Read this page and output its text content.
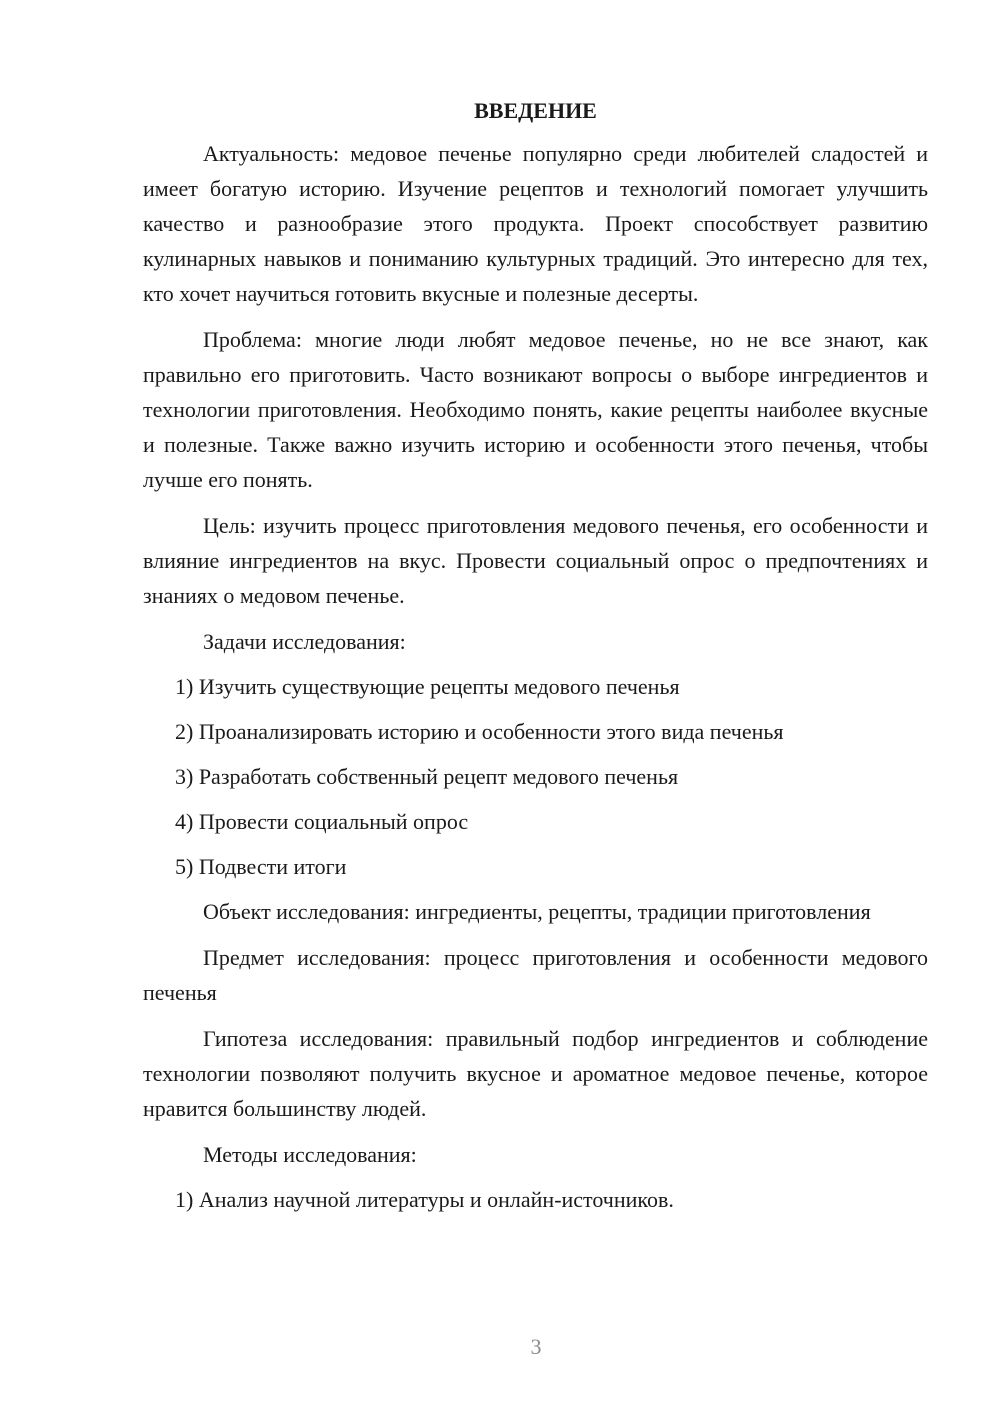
ВВЕДЕНИЕ

Актуальность: медовое печенье популярно среди любителей сладостей и имеет богатую историю. Изучение рецептов и технологий помогает улучшить качество и разнообразие этого продукта. Проект способствует развитию кулинарных навыков и пониманию культурных традиций. Это интересно для тех, кто хочет научиться готовить вкусные и полезные десерты.

Проблема: многие люди любят медовое печенье, но не все знают, как правильно его приготовить. Часто возникают вопросы о выборе ингредиентов и технологии приготовления. Необходимо понять, какие рецепты наиболее вкусные и полезные. Также важно изучить историю и особенности этого печенья, чтобы лучше его понять.

Цель: изучить процесс приготовления медового печенья, его особенности и влияние ингредиентов на вкус. Провести социальный опрос о предпочтениях и знаниях о медовом печенье.

Задачи исследования:
1) Изучить существующие рецепты медового печенья
2) Проанализировать историю и особенности этого вида печенья
3) Разработать собственный рецепт медового печенья
4) Провести социальный опрос
5) Подвести итоги

Объект исследования: ингредиенты, рецепты, традиции приготовления

Предмет исследования: процесс приготовления и особенности медового печенья

Гипотеза исследования: правильный подбор ингредиентов и соблюдение технологии позволяют получить вкусное и ароматное медовое печенье, которое нравится большинству людей.

Методы исследования:
1) Анализ научной литературы и онлайн-источников.
3
